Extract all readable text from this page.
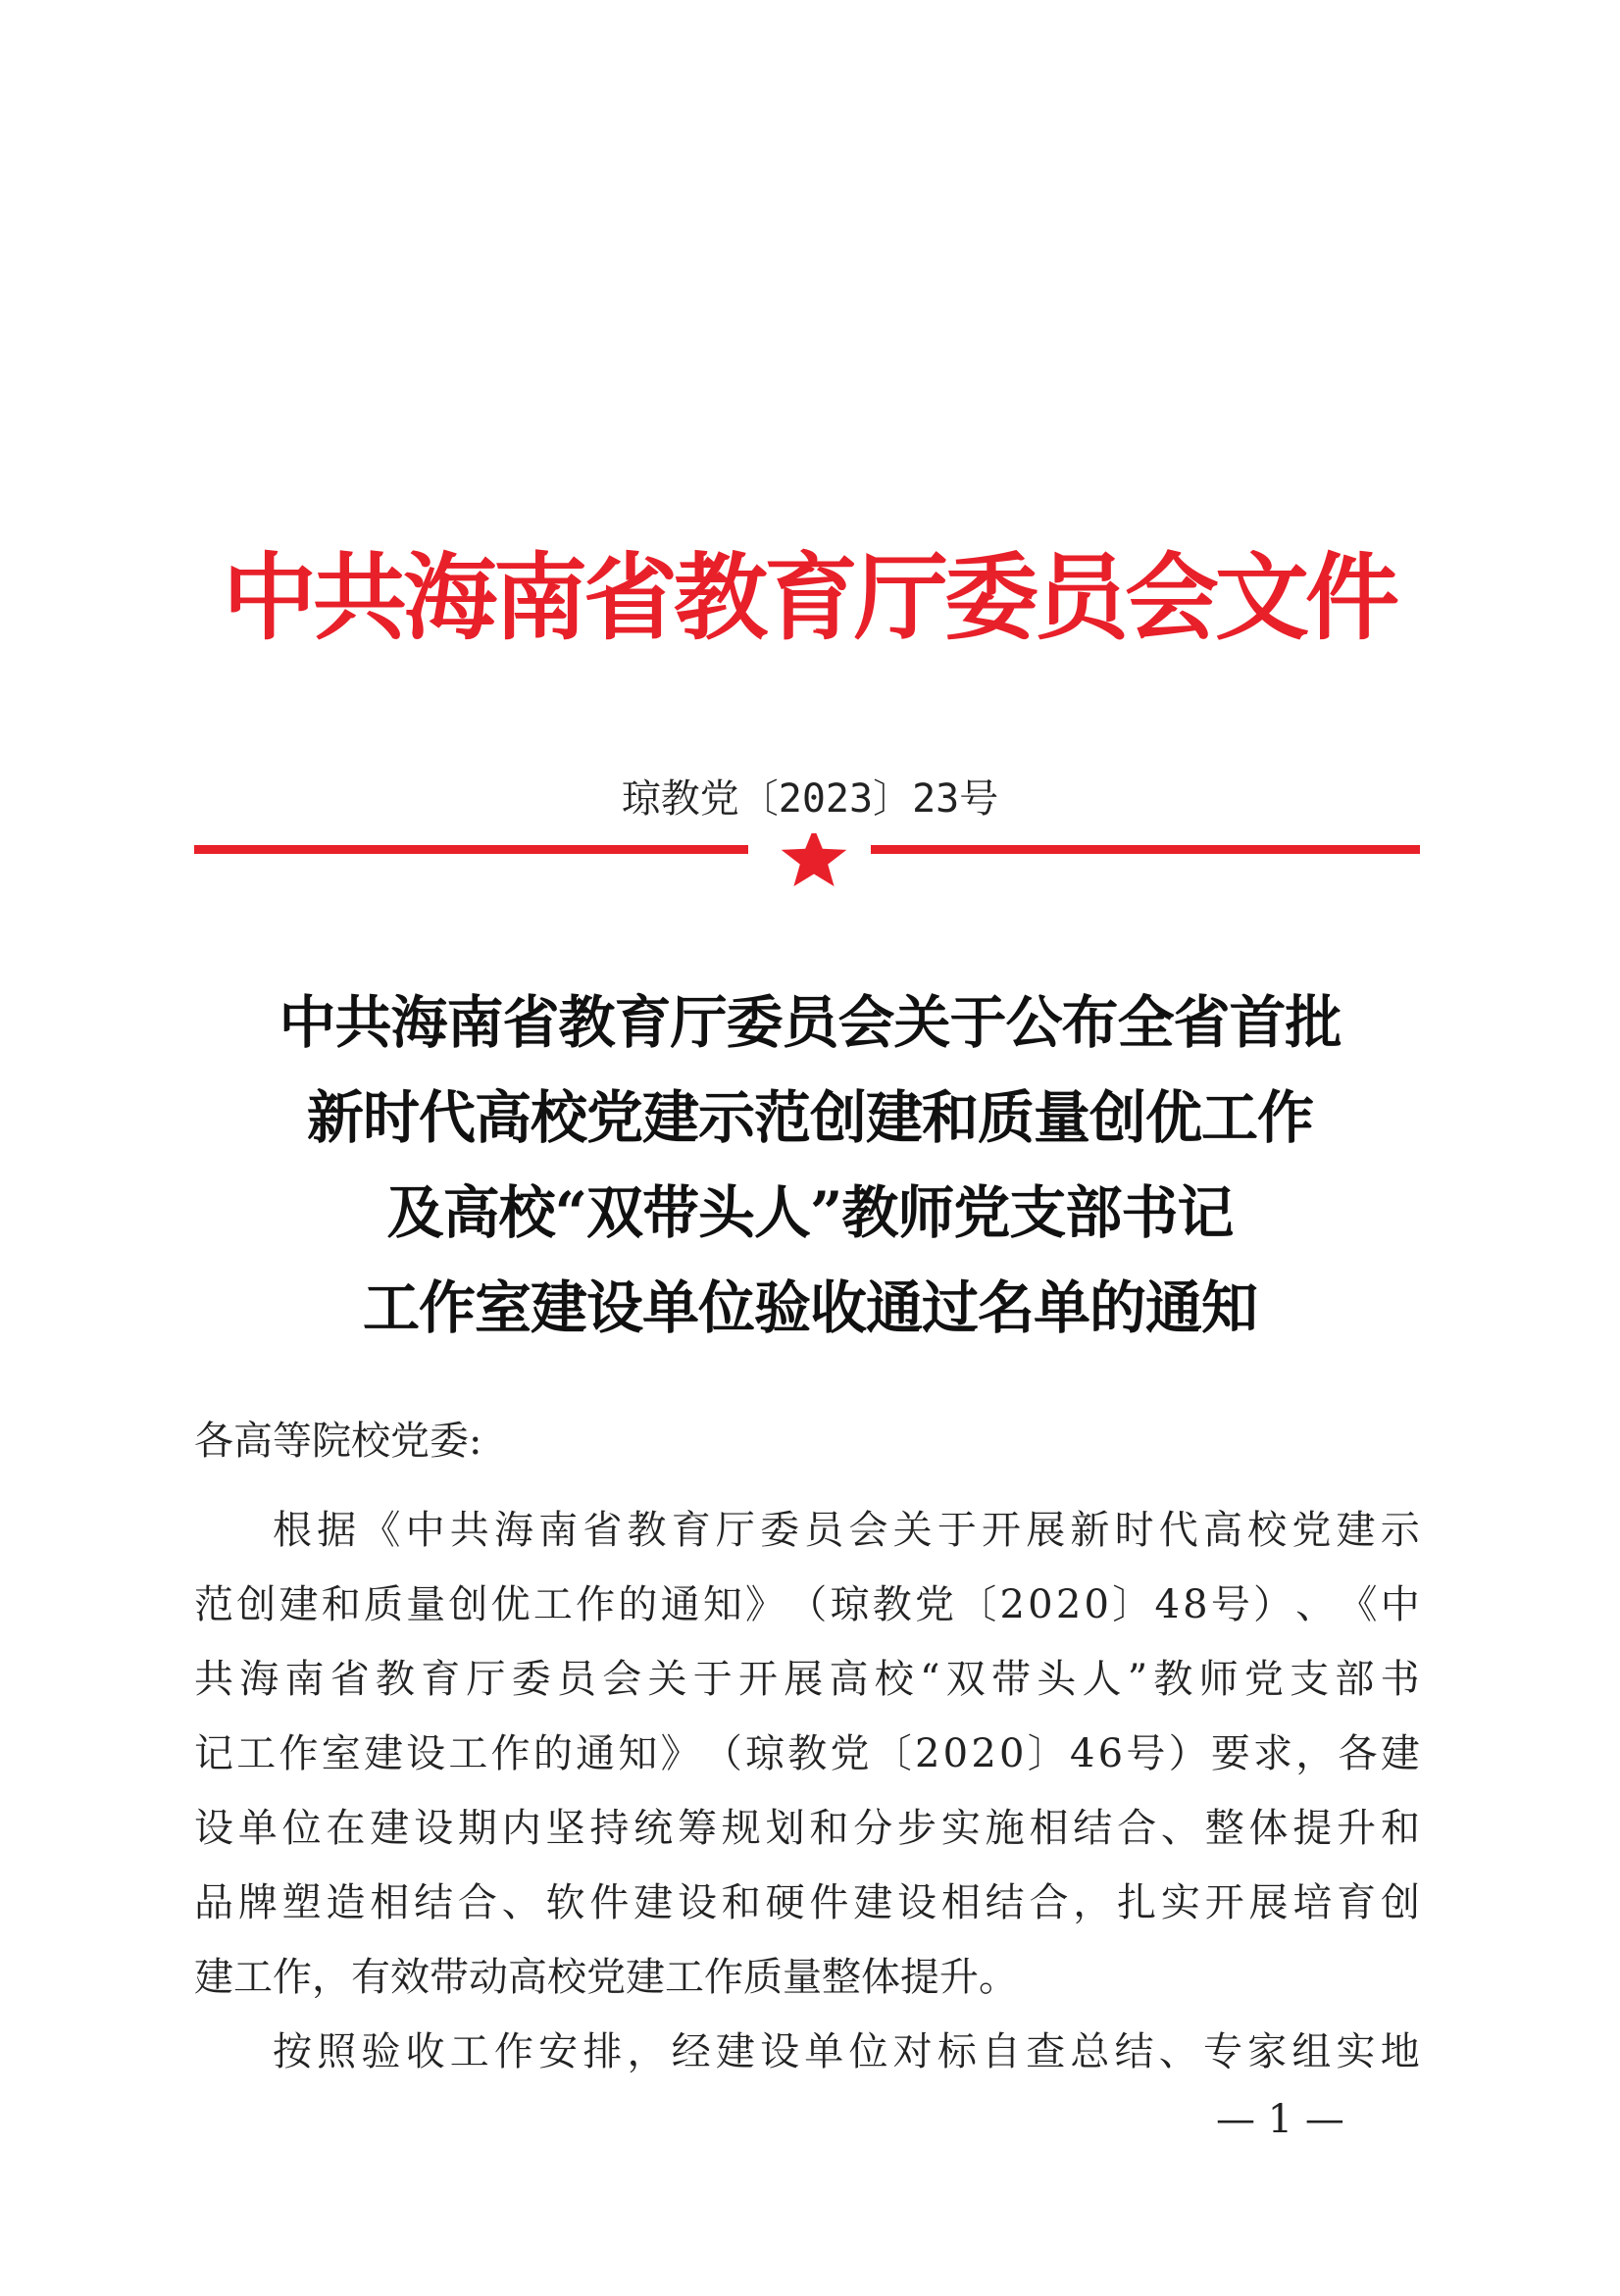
中共海南省教育厅委员会文件
琼教党〔2023〕23号
中共海南省教育厅委员会关于公布全省首批
新时代高校党建示范创建和质量创优工作
及高校“双带头人”教师党支部书记
工作室建设单位验收通过名单的通知
各高等院校党委:
根 据 《 中 共 海 南 省 教 育 厅 委 员 会 关 于 开 展 新 时 代 高 校 党 建 示
范 创 建 和 质 量 创 优 工 作 的 通 知 》 （ 琼 教 党 〔 2 0 2 0 〕 4 8 号 ） 、 《 中
共 海 南 省 教 育 厅 委 员 会 关 于 开 展 高 校 “ 双 带 头 人 ” 教 师 党 支 部 书
记 工 作 室 建 设 工 作 的 通 知 》 （ 琼 教 党 〔 2 0 2 0 〕 4 6 号 ） 要 求 ， 各 建
设 单 位 在 建 设 期 内 坚 持 统 筹 规 划 和 分 步 实 施 相 结 合 、 整 体 提 升 和
品 牌 塑 造 相 结 合 、 软 件 建 设 和 硬 件 建 设 相 结 合 ， 扎 实 开 展 培 育 创
建工作，有效带动高校党建工作质量整体提升。
按 照 验 收 工 作 安 排 ， 经 建 设 单 位 对 标 自 查 总 结 、 专 家 组 实 地
— 1 —
